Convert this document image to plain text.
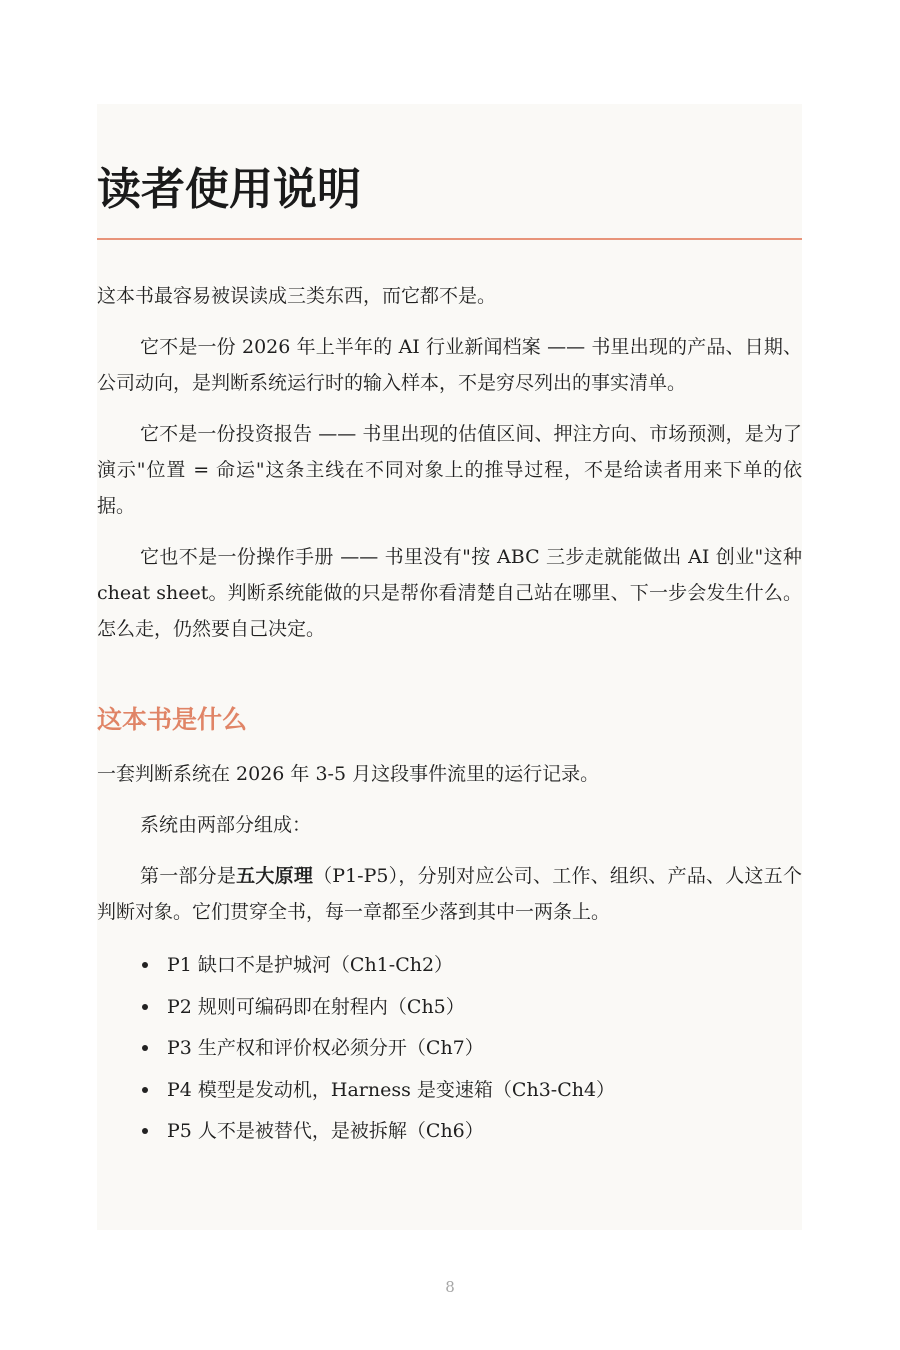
读者使用说明

这本书最容易被误读成三类东西，而它都不是。

它不是一份 2026 年上半年的 AI 行业新闻档案 —— 书里出现的产品、日期、公司动向，是判断系统运行时的输入样本，不是穷尽列出的事实清单。

它不是一份投资报告 —— 书里出现的估值区间、押注方向、市场预测，是为了演示"位置 = 命运"这条主线在不同对象上的推导过程，不是给读者用来下单的依据。

它也不是一份操作手册 —— 书里没有"按 ABC 三步走就能做出 AI 创业"这种 cheat sheet。判断系统能做的只是帮你看清楚自己站在哪里、下一步会发生什么。怎么走，仍然要自己决定。

这本书是什么

一套判断系统在 2026 年 3-5 月这段事件流里的运行记录。

系统由两部分组成：

第一部分是五大原理（P1-P5），分别对应公司、工作、组织、产品、人这五个判断对象。它们贯穿全书，每一章都至少落到其中一两条上。

P1 缺口不是护城河（Ch1-Ch2）
P2 规则可编码即在射程内（Ch5）
P3 生产权和评价权必须分开（Ch7）
P4 模型是发动机，Harness 是变速箱（Ch3-Ch4）
P5 人不是被替代，是被拆解（Ch6）
8
